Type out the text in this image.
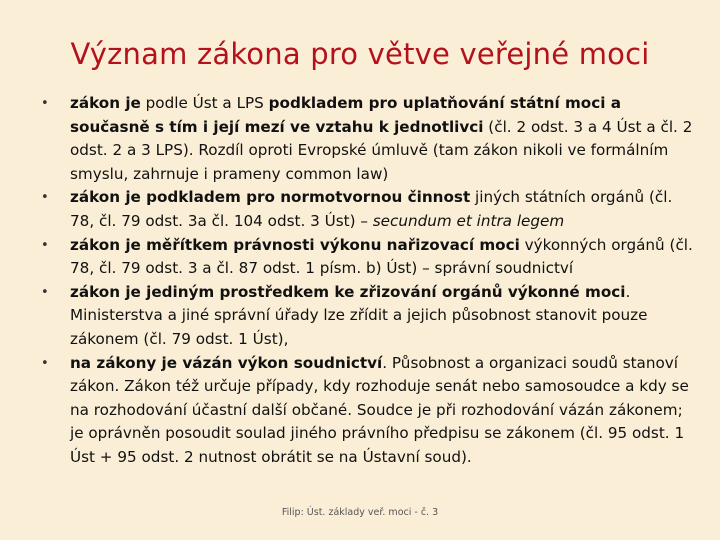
Význam zákona pro větve veřejné moci
• zákon je podle Úst a LPS podkladem pro uplatňování státní moci a současně s tím i její mezí ve vztahu k jednotlivci (čl. 2 odst. 3 a 4 Úst a čl. 2 odst. 2 a 3 LPS). Rozdíl oproti Evropské úmluvě (tam zákon nikoli ve formálním smyslu, zahrnuje i prameny common law)
• zákon je podkladem pro normotvornou činnost jiných státních orgánů (čl. 78, čl. 79 odst. 3a čl. 104 odst. 3 Úst) – secundum et intra legem
• zákon je měřítkem právnosti výkonu nařizovací moci výkonných orgánů (čl. 78, čl. 79 odst. 3 a čl. 87 odst. 1 písm. b) Úst) – správní soudnictví
• zákon je jediným prostředkem ke zřizování orgánů výkonné moci. Ministerstva a jiné správní úřady lze zřídit a jejich působnost stanovit pouze zákonem (čl. 79 odst. 1 Úst),
• na zákony je vázán výkon soudnictví. Působnost a organizaci soudů stanoví zákon. Zákon též určuje případy, kdy rozhoduje senát nebo samosoudce a kdy se na rozhodování účastní další občané. Soudce je při rozhodování vázán zákonem; je oprávněn posoudit soulad jiného právního předpisu se zákonem (čl. 95 odst. 1 Úst + 95 odst. 2 nutnost obrátit se na Ústavní soud).
Filip: Úst. základy veř. moci - č. 3
